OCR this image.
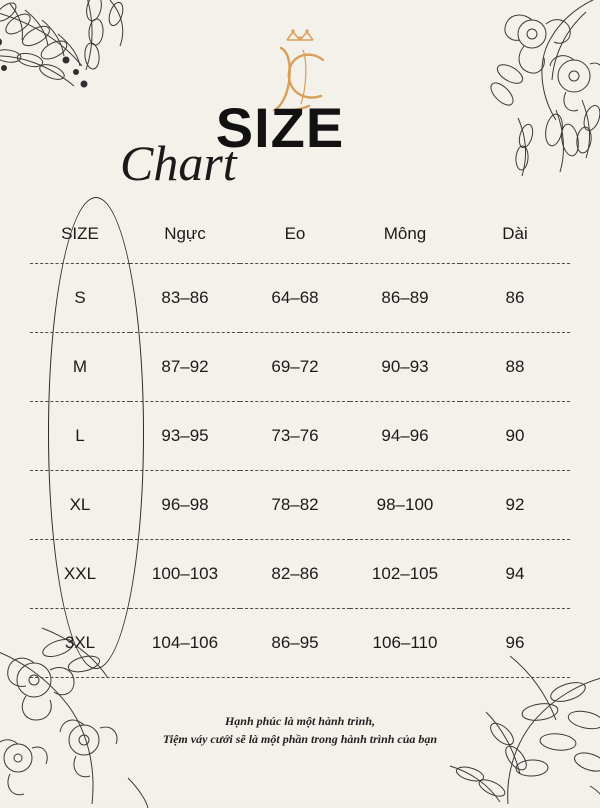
SIZE
Chart
SIZE	Ngực	Eo	Mông	Dài
S	83–86	64–68	86–89	86
M	87–92	69–72	90–93	88
L	93–95	73–76	94–96	90
XL	96–98	78–82	98–100	92
XXL	100–103	82–86	102–105	94
3XL	104–106	86–95	106–110	96
Hạnh phúc là một hành trình,
Tiệm váy cưới sẽ là một phần trong hành trình của bạn
